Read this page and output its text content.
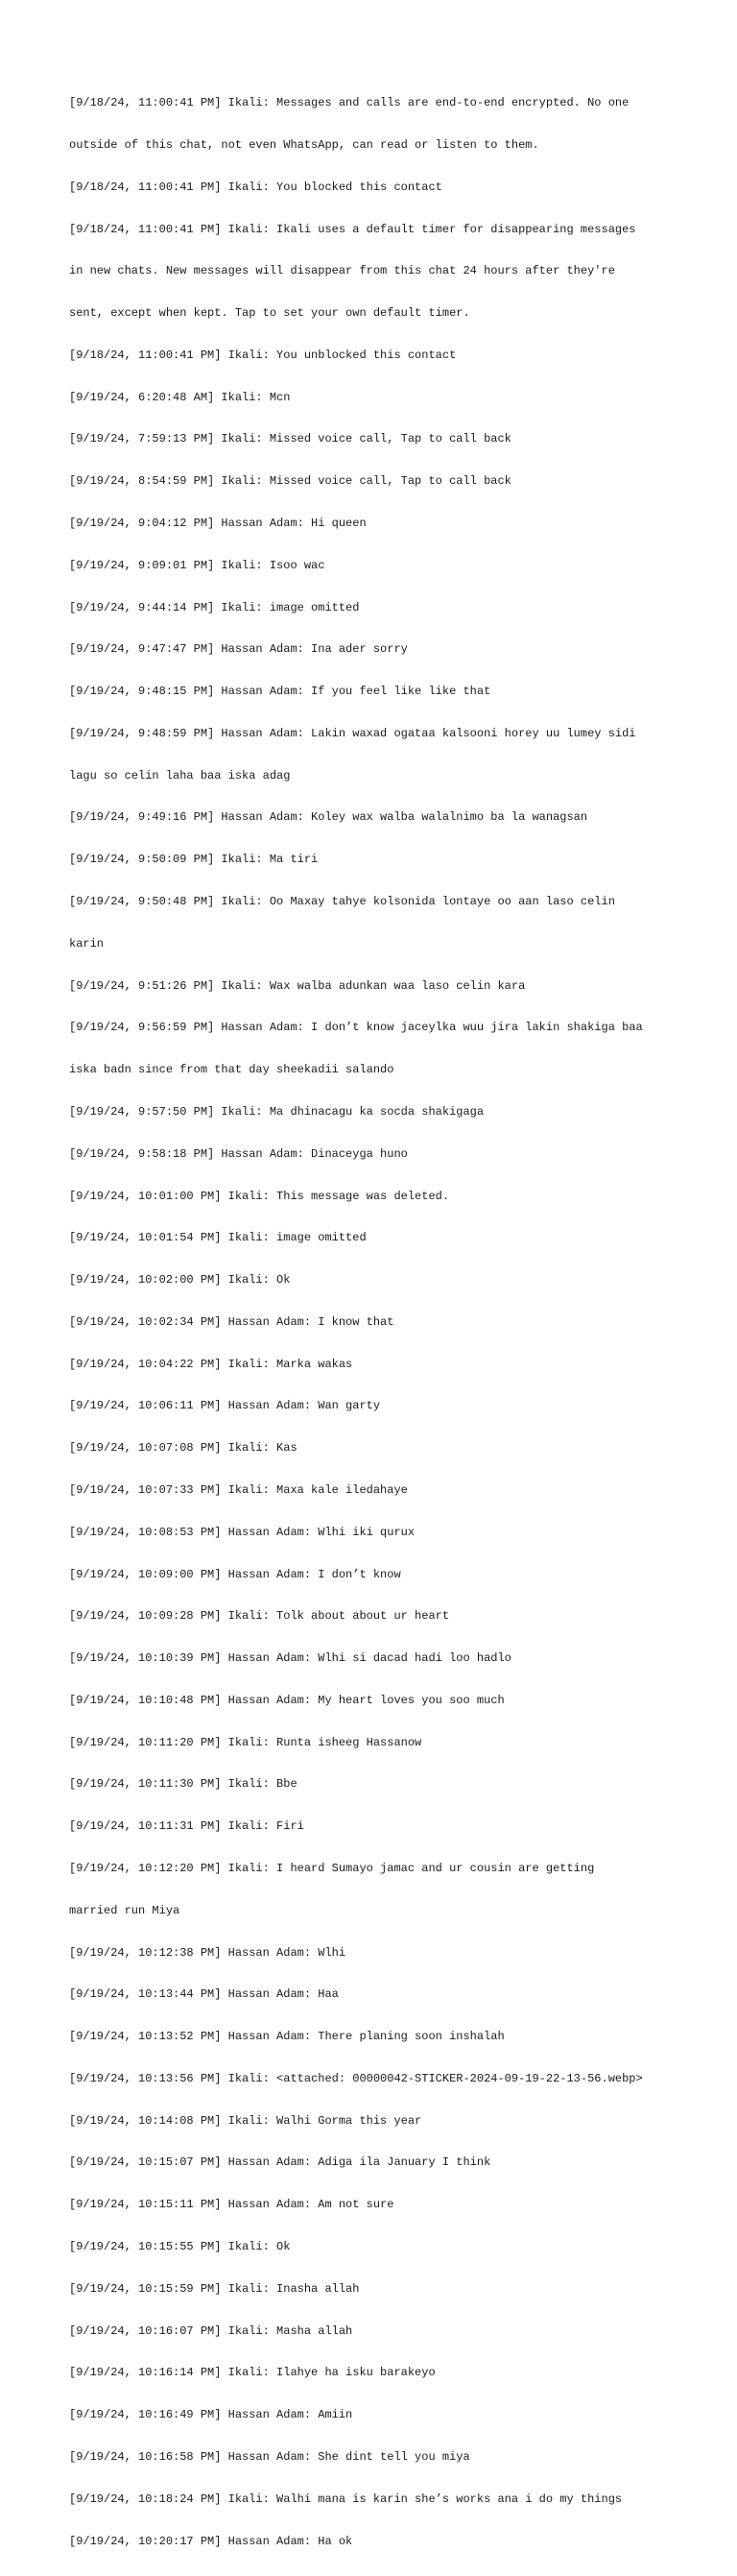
[9/18/24, 11:00:41 PM] Ikali: Messages and calls are end-to-end encrypted. No one

outside of this chat, not even WhatsApp, can read or listen to them.

[9/18/24, 11:00:41 PM] Ikali: You blocked this contact

[9/18/24, 11:00:41 PM] Ikali: Ikali uses a default timer for disappearing messages

in new chats. New messages will disappear from this chat 24 hours after they're

sent, except when kept. Tap to set your own default timer.

[9/18/24, 11:00:41 PM] Ikali: You unblocked this contact

[9/19/24, 6:20:48 AM] Ikali: Mcn

[9/19/24, 7:59:13 PM] Ikali: Missed voice call, Tap to call back

[9/19/24, 8:54:59 PM] Ikali: Missed voice call, Tap to call back

[9/19/24, 9:04:12 PM] Hassan Adam: Hi queen

[9/19/24, 9:09:01 PM] Ikali: Isoo wac

[9/19/24, 9:44:14 PM] Ikali: image omitted

[9/19/24, 9:47:47 PM] Hassan Adam: Ina ader sorry

[9/19/24, 9:48:15 PM] Hassan Adam: If you feel like like that

[9/19/24, 9:48:59 PM] Hassan Adam: Lakin waxad ogataa kalsooni horey uu lumey sidi

lagu so celin laha baa iska adag

[9/19/24, 9:49:16 PM] Hassan Adam: Koley wax walba walalnimo ba la wanagsan

[9/19/24, 9:50:09 PM] Ikali: Ma tiri

[9/19/24, 9:50:48 PM] Ikali: Oo Maxay tahye kolsonida lontaye oo aan laso celin

karin

[9/19/24, 9:51:26 PM] Ikali: Wax walba adunkan waa laso celin kara

[9/19/24, 9:56:59 PM] Hassan Adam: I don’t know jaceylka wuu jira lakin shakiga baa

iska badn since from that day sheekadii salando

[9/19/24, 9:57:50 PM] Ikali: Ma dhinacagu ka socda shakigaga

[9/19/24, 9:58:18 PM] Hassan Adam: Dinaceyga huno

[9/19/24, 10:01:00 PM] Ikali: This message was deleted.

[9/19/24, 10:01:54 PM] Ikali: image omitted

[9/19/24, 10:02:00 PM] Ikali: Ok

[9/19/24, 10:02:34 PM] Hassan Adam: I know that

[9/19/24, 10:04:22 PM] Ikali: Marka wakas

[9/19/24, 10:06:11 PM] Hassan Adam: Wan garty

[9/19/24, 10:07:08 PM] Ikali: Kas

[9/19/24, 10:07:33 PM] Ikali: Maxa kale iledahaye

[9/19/24, 10:08:53 PM] Hassan Adam: Wlhi iki qurux

[9/19/24, 10:09:00 PM] Hassan Adam: I don’t know

[9/19/24, 10:09:28 PM] Ikali: Tolk about about ur heart

[9/19/24, 10:10:39 PM] Hassan Adam: Wlhi si dacad hadi loo hadlo

[9/19/24, 10:10:48 PM] Hassan Adam: My heart loves you soo much

[9/19/24, 10:11:20 PM] Ikali: Runta isheeg Hassanow

[9/19/24, 10:11:30 PM] Ikali: Bbe

[9/19/24, 10:11:31 PM] Ikali: Firi

[9/19/24, 10:12:20 PM] Ikali: I heard Sumayo jamac and ur cousin are getting

married run Miya

[9/19/24, 10:12:38 PM] Hassan Adam: Wlhi

[9/19/24, 10:13:44 PM] Hassan Adam: Haa

[9/19/24, 10:13:52 PM] Hassan Adam: There planing soon inshalah

[9/19/24, 10:13:56 PM] Ikali: <attached: 00000042-STICKER-2024-09-19-22-13-56.webp>

[9/19/24, 10:14:08 PM] Ikali: Walhi Gorma this year

[9/19/24, 10:15:07 PM] Hassan Adam: Adiga ila January I think

[9/19/24, 10:15:11 PM] Hassan Adam: Am not sure

[9/19/24, 10:15:55 PM] Ikali: Ok

[9/19/24, 10:15:59 PM] Ikali: Inasha allah

[9/19/24, 10:16:07 PM] Ikali: Masha allah

[9/19/24, 10:16:14 PM] Ikali: Ilahye ha isku barakeyo

[9/19/24, 10:16:49 PM] Hassan Adam: Amiin

[9/19/24, 10:16:58 PM] Hassan Adam: She dint tell you miya

[9/19/24, 10:18:24 PM] Ikali: Walhi mana is karin she’s works ana i do my things

[9/19/24, 10:20:17 PM] Hassan Adam: Ha ok
